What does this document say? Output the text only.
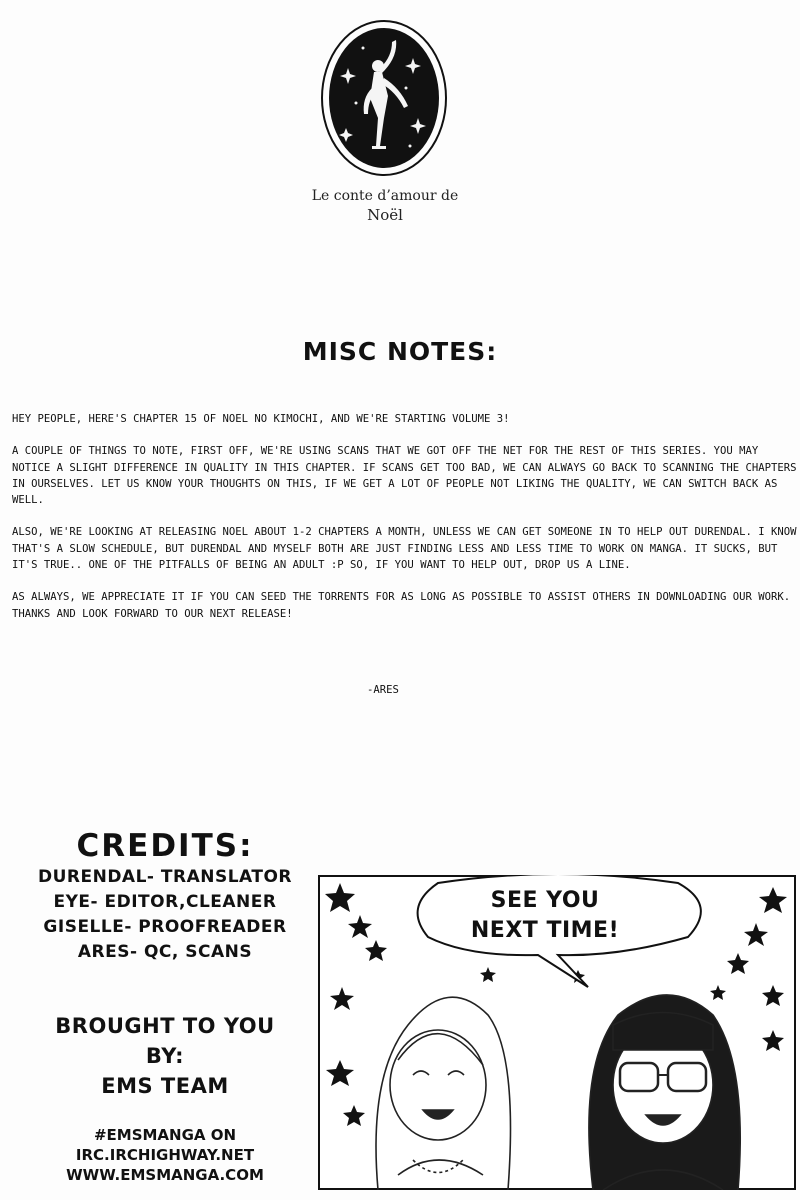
Le conte d’amour de
Noël
MISC NOTES:

HEY PEOPLE, HERE'S CHAPTER 15 OF NOEL NO KIMOCHI, AND WE'RE STARTING VOLUME 3!

A COUPLE OF THINGS TO NOTE, FIRST OFF, WE'RE USING SCANS THAT WE GOT OFF THE NET FOR THE REST OF THIS SERIES. YOU MAY NOTICE A SLIGHT DIFFERENCE IN QUALITY IN THIS CHAPTER. IF SCANS GET TOO BAD, WE CAN ALWAYS GO BACK TO SCANNING THE CHAPTERS IN OURSELVES. LET US KNOW YOUR THOUGHTS ON THIS, IF WE GET A LOT OF PEOPLE NOT LIKING THE QUALITY, WE CAN SWITCH BACK AS WELL.

ALSO, WE'RE LOOKING AT RELEASING NOEL ABOUT 1-2 CHAPTERS A MONTH, UNLESS WE CAN GET SOMEONE IN TO HELP OUT DURENDAL. I KNOW THAT'S A SLOW SCHEDULE, BUT DURENDAL AND MYSELF BOTH ARE JUST FINDING LESS AND LESS TIME TO WORK ON MANGA. IT SUCKS, BUT IT'S TRUE.. ONE OF THE PITFALLS OF BEING AN ADULT :P SO, IF YOU WANT TO HELP OUT, DROP US A LINE.

AS ALWAYS, WE APPRECIATE IT IF YOU CAN SEED THE TORRENTS FOR AS LONG AS POSSIBLE TO ASSIST OTHERS IN DOWNLOADING OUR WORK. THANKS AND LOOK FORWARD TO OUR NEXT RELEASE!

-ARES
CREDITS:
DURENDAL- TRANSLATOR
EYE- EDITOR,CLEANER
GISELLE- PROOFREADER
ARES- QC, SCANS
BROUGHT TO YOU
BY:
EMS TEAM
#EMSMANGA ON
IRC.IRCHIGHWAY.NET
WWW.EMSMANGA.COM
SEE YOU
NEXT TIME!
